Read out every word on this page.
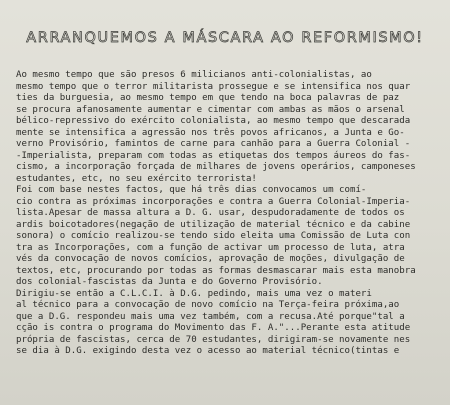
ARRANQUEMOS A MÁSCARA AO REFORMISMO!
Ao mesmo tempo que são presos 6 milicianos anti-colonialistas, ao
mesmo tempo que o terror militarista prossegue e se intensifica nos quar
ties da burguesia, ao mesmo tempo em que tendo na boca palavras de paz
se procura afanosamente aumentar e cimentar com ambas as mãos o arsenal
bélico-repressivo do exército colonialista, ao mesmo tempo que descarada
mente se intensifica a agressão nos três povos africanos, a Junta e Go-
verno Provisório, famintos de carne para canhão para a Guerra Colonial -
-Imperialista, preparam com todas as etiquetas dos tempos áureos do fas-
cismo, a incorporação forçada de milhares de jovens operários, camponeses
estudantes, etc, no seu exército terrorista!
Foi com base nestes factos, que há três dias convocamos um comí-
cio contra as próximas incorporações e contra a Guerra Colonial-Imperia-
lista.Apesar de massa altura a D. G. usar, despudoradamente de todos os
ardis boicotadores(negação de utilização de material técnico e da cabine
sonora) o comício realizou-se tendo sido eleita uma Comissão de Luta con
tra as Incorporações, com a função de activar um processo de luta, atra
vés da convocação de novos comícios, aprovação de moções, divulgação de
textos, etc, procurando por todas as formas desmascarar mais esta manobra
dos colonial-fascistas da Junta e do Governo Provisório.
Dirigiu-se então a C.L.C.I. à D.G. pedindo, mais uma vez o materi
al técnico para a convocação de novo comício na Terça-feira próxima,ao
que a D.G. respondeu mais uma vez também, com a recusa.Até porque"tal a
cção is contra o programa do Movimento das F. A."...Perante esta atitude
própria de fascistas, cerca de 70 estudantes, dirigiram-se novamente nes
se dia à D.G. exigindo desta vez o acesso ao material técnico(tintas e
